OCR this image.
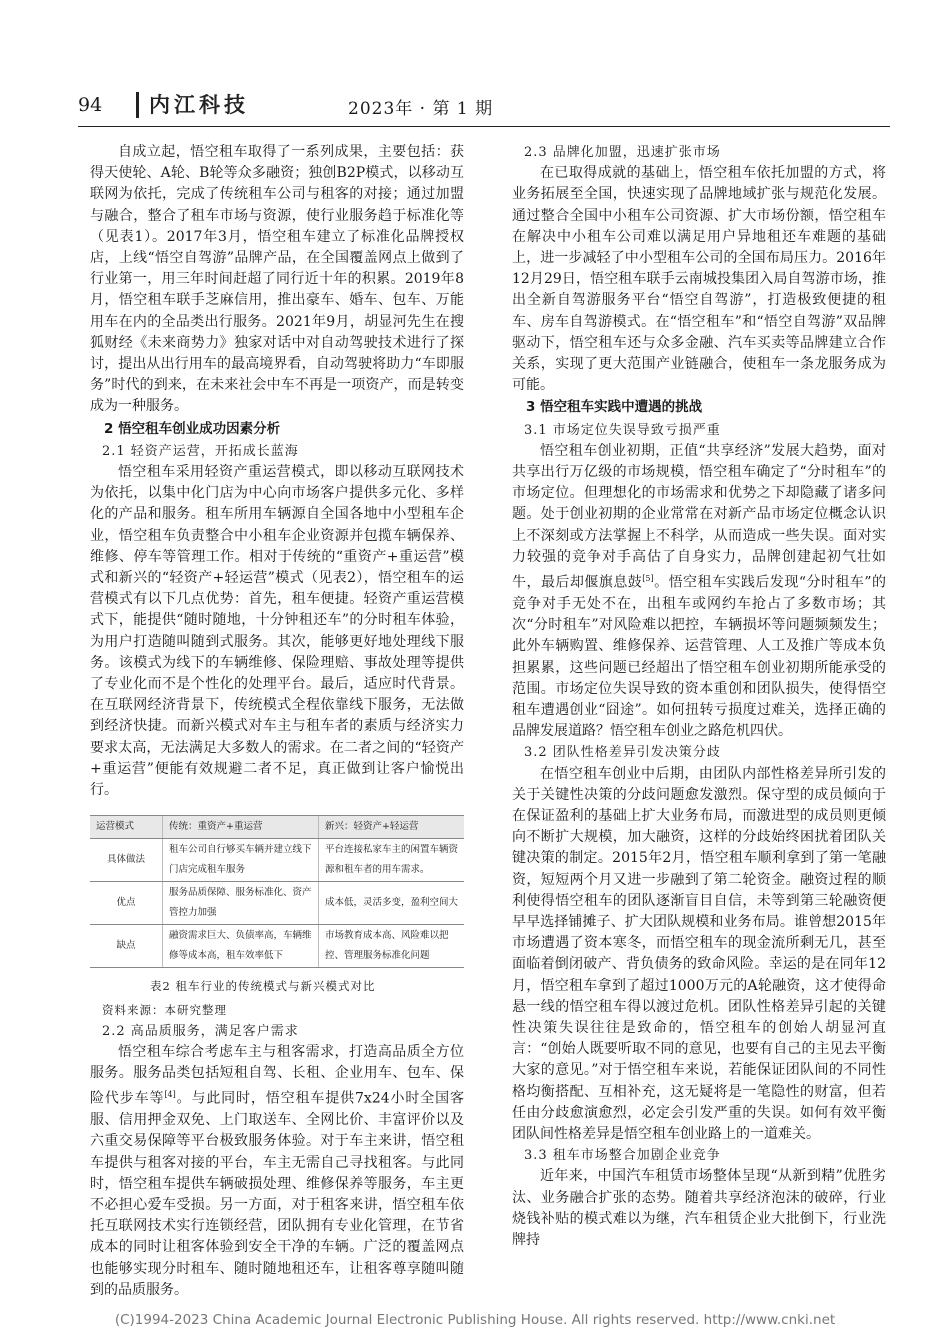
94	内江科技	2023年 · 第 1 期

自成立起，悟空租车取得了一系列成果，主要包括：获得天使轮、A轮、B轮等众多融资；独创B2P模式，以移动互联网为依托，完成了传统租车公司与租客的对接；通过加盟与融合，整合了租车市场与资源，使行业服务趋于标准化等（见表1）。2017年3月，悟空租车建立了标准化品牌授权店，上线“悟空自驾游”品牌产品，在全国覆盖网点上做到了行业第一，用三年时间赶超了同行近十年的积累。2019年8月，悟空租车联手芝麻信用，推出豪车、婚车、包车、万能用车在内的全品类出行服务。2021年9月，胡显河先生在搜狐财经《未来商势力》独家对话中对自动驾驶技术进行了探讨，提出从出行用车的最高境界看，自动驾驶将助力“车即服务”时代的到来，在未来社会中车不再是一项资产，而是转变成为一种服务。

2 悟空租车创业成功因素分析
2.1 轻资产运营，开拓成长蓝海

悟空租车采用轻资产重运营模式，即以移动互联网技术为依托，以集中化门店为中心向市场客户提供多元化、多样化的产品和服务。租车所用车辆源自全国各地中小型租车企业，悟空租车负责整合中小租车企业资源并包揽车辆保养、维修、停车等管理工作。相对于传统的“重资产+重运营”模式和新兴的“轻资产+轻运营”模式（见表2），悟空租车的运营模式有以下几点优势：首先，租车便捷。轻资产重运营模式下，能提供“随时随地，十分钟租还车”的分时租车体验，为用户打造随叫随到式服务。其次，能够更好地处理线下服务。该模式为线下的车辆维修、保险理赔、事故处理等提供了专业化而不是个性化的处理平台。最后，适应时代背景。在互联网经济背景下，传统模式全程依靠线下服务，无法做到经济快捷。而新兴模式对车主与租车者的素质与经济实力要求太高，无法满足大多数人的需求。在二者之间的“轻资产+重运营”便能有效规避二者不足，真正做到让客户愉悦出行。

运营模式	传统：重资产+重运营	新兴：轻资产+轻运营
具体做法	租车公司自行够买车辆并建立线下门店完成租车服务	平台连接私家车主的闲置车辆资源和租车者的用车需求。
优点	服务品质保障、服务标准化、资产管控力加强	成本低，灵活多变，盈利空间大
缺点	融资需求巨大、负债率高，车辆维修等成本高，租车效率低下	市场教育成本高、风险难以把控、管理服务标准化问题
表2 租车行业的传统模式与新兴模式对比
资料来源：本研究整理
2.2 高品质服务，满足客户需求

悟空租车综合考虑车主与租客需求，打造高品质全方位服务。服务品类包括短租自驾、长租、企业用车、包车、保险代步车等[4]。与此同时，悟空租车提供7x24小时全国客服、信用押金双免、上门取送车、全网比价、丰富评价以及六重交易保障等平台极致服务体验。对于车主来讲，悟空租车提供与租客对接的平台，车主无需自己寻找租客。与此同时，悟空租车提供车辆破损处理、维修保养等服务，车主更不必担心爱车受损。另一方面，对于租客来讲，悟空租车依托互联网技术实行连锁经营，团队拥有专业化管理，在节省成本的同时让租客体验到安全干净的车辆。广泛的覆盖网点也能够实现分时租车、随时随地租还车，让租客尊享随叫随到的品质服务。

2.3 品牌化加盟，迅速扩张市场

在已取得成就的基础上，悟空租车依托加盟的方式，将业务拓展至全国，快速实现了品牌地域扩张与规范化发展。通过整合全国中小租车公司资源、扩大市场份额，悟空租车在解决中小租车公司难以满足用户异地租还车难题的基础上，进一步减轻了中小型租车公司的全国布局压力。2016年12月29日，悟空租车联手云南城投集团入局自驾游市场，推出全新自驾游服务平台“悟空自驾游”，打造极致便捷的租车、房车自驾游模式。在“悟空租车”和“悟空自驾游”双品牌驱动下，悟空租车还与众多金融、汽车买卖等品牌建立合作关系，实现了更大范围产业链融合，使租车一条龙服务成为可能。

3 悟空租车实践中遭遇的挑战
3.1 市场定位失误导致亏损严重

悟空租车创业初期，正值“共享经济”发展大趋势，面对共享出行万亿级的市场规模，悟空租车确定了“分时租车”的市场定位。但理想化的市场需求和优势之下却隐藏了诸多问题。处于创业初期的企业常常在对新产品市场定位概念认识上不深刻或方法掌握上不科学，从而造成一些失误。面对实力较强的竞争对手高估了自身实力，品牌创建起初气壮如牛，最后却偃旗息鼓[5]。悟空租车实践后发现“分时租车”的竞争对手无处不在，出租车或网约车抢占了多数市场；其次“分时租车”对风险难以把控，车辆损坏等问题频频发生；此外车辆购置、维修保养、运营管理、人工及推广等成本负担累累，这些问题已经超出了悟空租车创业初期所能承受的范围。市场定位失误导致的资本重创和团队损失，使得悟空租车遭遇创业“囧途”。如何扭转亏损度过难关，选择正确的品牌发展道路？悟空租车创业之路危机四伏。

3.2 团队性格差异引发决策分歧

在悟空租车创业中后期，由团队内部性格差异所引发的关于关键性决策的分歧问题愈发激烈。保守型的成员倾向于在保证盈利的基础上扩大业务布局，而激进型的成员则更倾向不断扩大规模，加大融资，这样的分歧始终困扰着团队关键决策的制定。2015年2月，悟空租车顺利拿到了第一笔融资，短短两个月又进一步融到了第二轮资金。融资过程的顺利使得悟空租车的团队逐渐盲目自信，未等到第三轮融资便早早选择铺摊子、扩大团队规模和业务布局。谁曾想2015年市场遭遇了资本寒冬，而悟空租车的现金流所剩无几，甚至面临着倒闭破产、背负债务的致命风险。幸运的是在同年12月，悟空租车拿到了超过1000万元的A轮融资，这才使得命悬一线的悟空租车得以渡过危机。团队性格差异引起的关键性决策失误往往是致命的，悟空租车的创始人胡显河直言：“创始人既要听取不同的意见，也要有自己的主见去平衡大家的意见。”对于悟空租车来说，若能保证团队间的不同性格均衡搭配、互相补充，这无疑将是一笔隐性的财富，但若任由分歧愈演愈烈，必定会引发严重的失误。如何有效平衡团队间性格差异是悟空租车创业路上的一道难关。

3.3 租车市场整合加剧企业竞争

近年来，中国汽车租赁市场整体呈现“从新到精”优胜劣汰、业务融合扩张的态势。随着共享经济泡沫的破碎，行业烧钱补贴的模式难以为继，汽车租赁企业大批倒下，行业洗牌持

(C)1994-2023 China Academic Journal Electronic Publishing House. All rights reserved. http://www.cnki.net
